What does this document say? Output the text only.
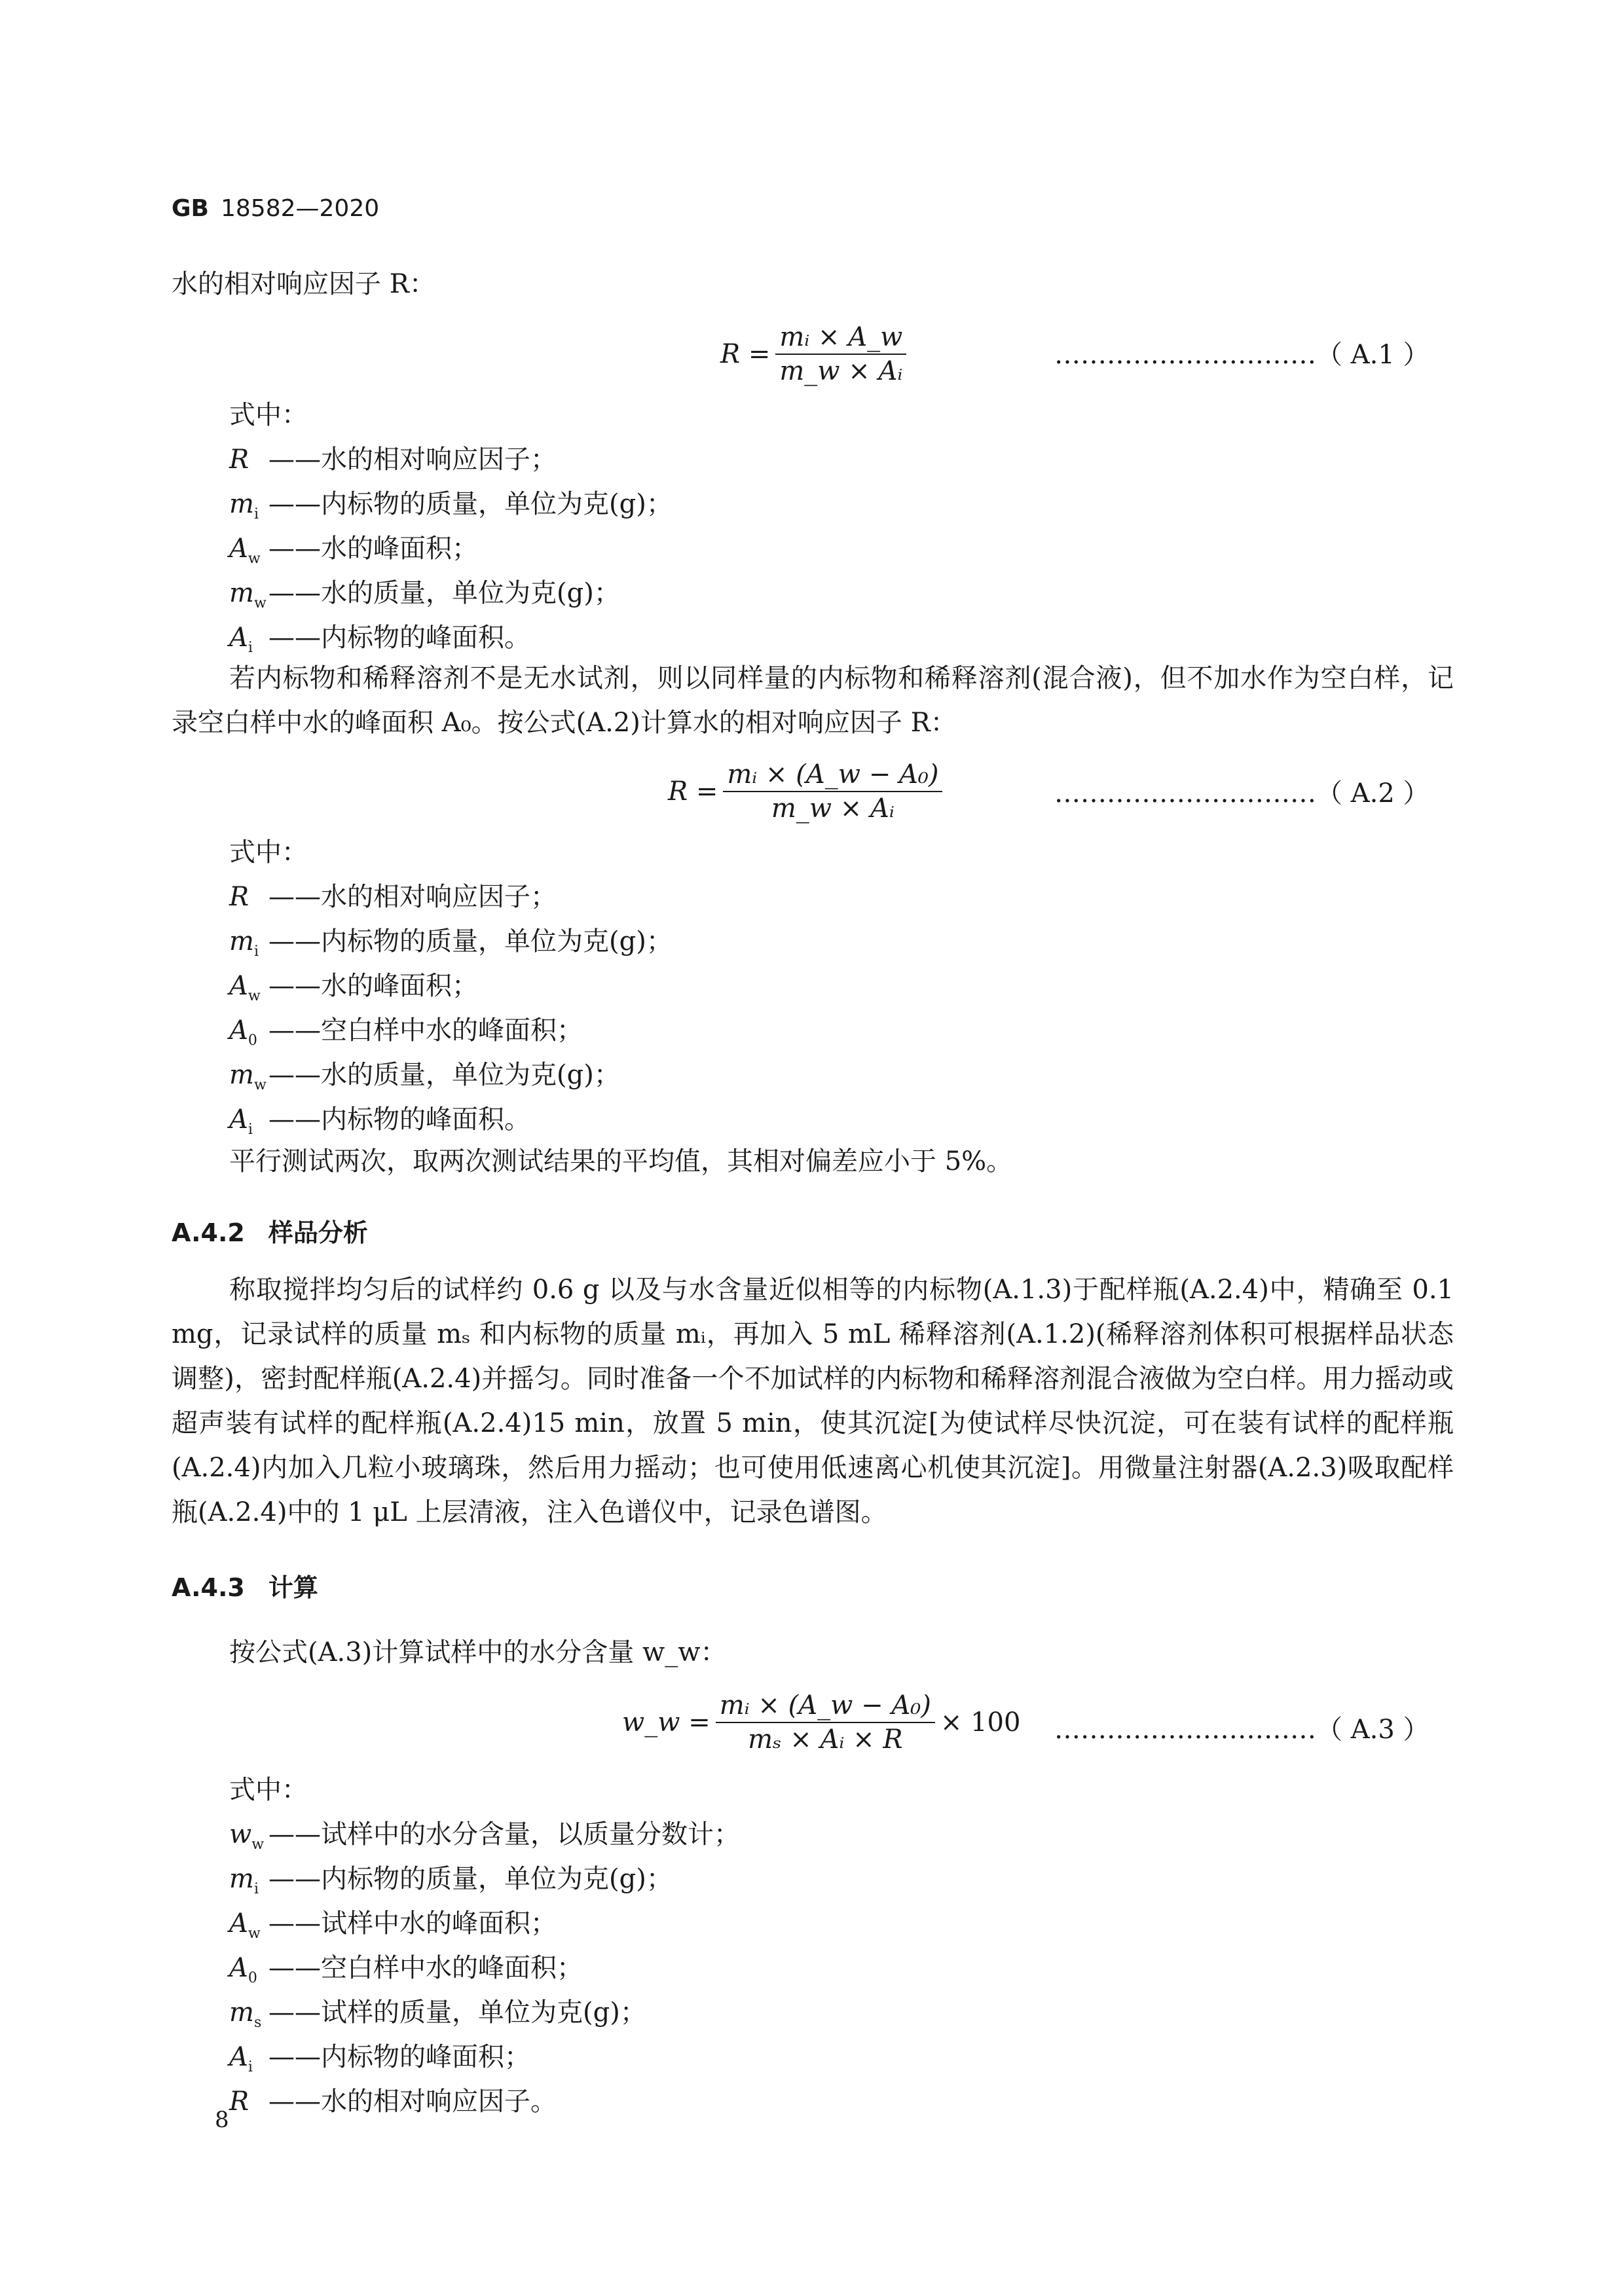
GB 18582—2020
水的相对响应因子 R：
$R = \frac{\text{mᵢ × A\_w}}{\text{m\_w × Aᵢ}}$	…………………………（ A.1 ）
式中：
R ——水的相对响应因子；
$m_i$ ——内标物的质量，单位为克(g)；
$A_w$ ——水的峰面积；
$m_w——$水的质量，单位为克(g)；
$A_i$ ——内标物的峰面积。
若内标物和稀释溶剂不是无水试剂，则以同样量的内标物和稀释溶剂(混合液)，但不加水作为空白样，记录空白样中水的峰面积 A₀。按公式(A.2)计算水的相对响应因子 R：
$R = \frac{\text{mᵢ × (A\_w − A₀)}}{\text{m\_w × Aᵢ}}$	…………………………（ A.2 ）
式中：
R ——水的相对响应因子；
$m_i$ ——内标物的质量，单位为克(g)；
$A_w$ ——水的峰面积；
$A_0$ ——空白样中水的峰面积；
$m_w——$水的质量，单位为克(g)；
$A_i$ ——内标物的峰面积。
平行测试两次，取两次测试结果的平均值，其相对偏差应小于 5%。
A.4.2 样品分析
称取搅拌均匀后的试样约 0.6 g 以及与水含量近似相等的内标物(A.1.3)于配样瓶(A.2.4)中，精确至 0.1 mg，记录试样的质量 mₛ 和内标物的质量 mᵢ，再加入 5 mL 稀释溶剂(A.1.2)(稀释溶剂体积可根据样品状态调整)，密封配样瓶(A.2.4)并摇匀。同时准备一个不加试样的内标物和稀释溶剂混合液做为空白样。用力摇动或超声装有试样的配样瓶(A.2.4)15 min，放置 5 min，使其沉淀[为使试样尽快沉淀，可在装有试样的配样瓶(A.2.4)内加入几粒小玻璃珠，然后用力摇动；也可使用低速离心机使其沉淀]。用微量注射器(A.2.3)吸取配样瓶(A.2.4)中的 1 μL 上层清液，注入色谱仪中，记录色谱图。
A.4.3 计算
按公式(A.3)计算试样中的水分含量 w_w：
w_w = $\frac{\text{mᵢ × (A\_w − A₀)}}{\text{mₛ × Aᵢ × R}} \times 100$ …………………………（ A.3 ）
式中：
$w_w$ ——试样中的水分含量，以质量分数计；
$m_i$ ——内标物的质量，单位为克(g)；
$A_w$ ——试样中水的峰面积；
$A_0$ ——空白样中水的峰面积；
$m_s$ ——试样的质量，单位为克(g)；
$A_i$ ——内标物的峰面积；
R ——水的相对响应因子。
8
